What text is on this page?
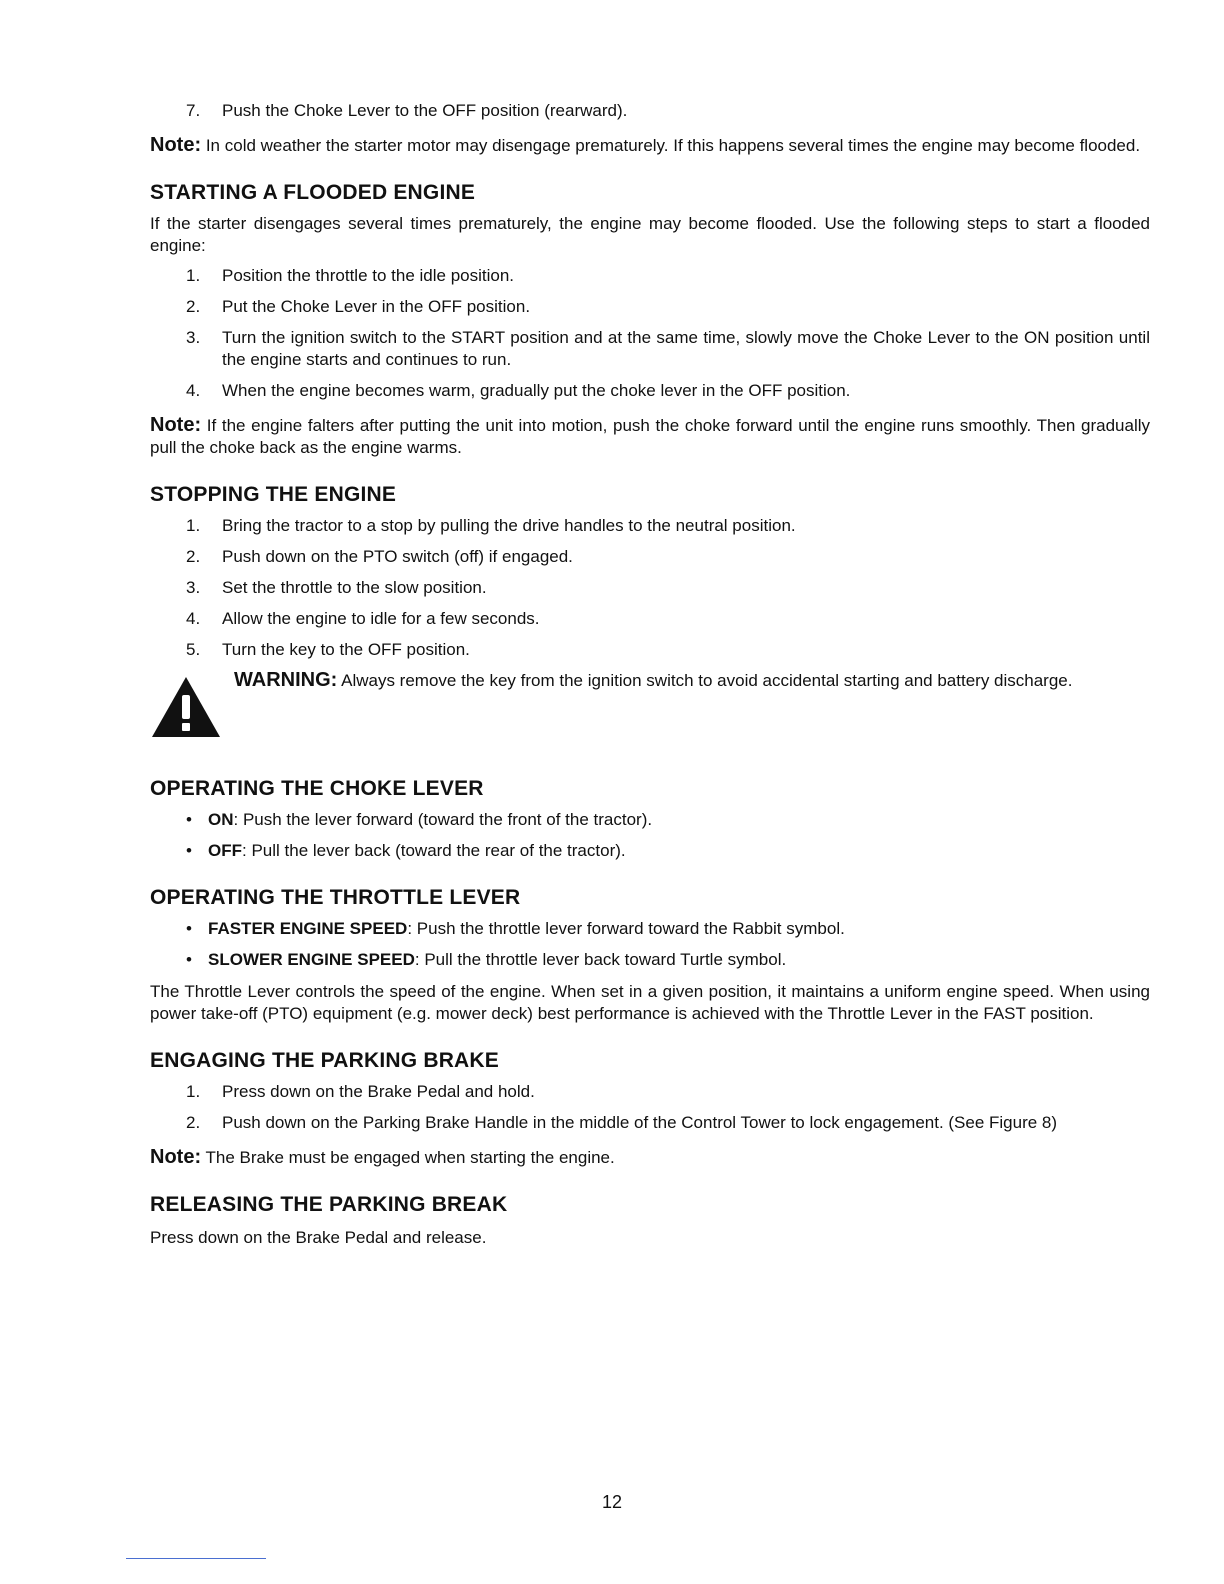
7. Push the Choke Lever to the OFF position (rearward).

Note: In cold weather the starter motor may disengage prematurely. If this happens several times the engine may become flooded.

STARTING A FLOODED ENGINE

If the starter disengages several times prematurely, the engine may become flooded. Use the following steps to start a flooded engine:

1. Position the throttle to the idle position.
2. Put the Choke Lever in the OFF position.
3. Turn the ignition switch to the START position and at the same time, slowly move the Choke Lever to the ON position until the engine starts and continues to run.
4. When the engine becomes warm, gradually put the choke lever in the OFF position.

Note: If the engine falters after putting the unit into motion, push the choke forward until the engine runs smoothly. Then gradually pull the choke back as the engine warms.

STOPPING THE ENGINE
1. Bring the tractor to a stop by pulling the drive handles to the neutral position.
2. Push down on the PTO switch (off) if engaged.
3. Set the throttle to the slow position.
4. Allow the engine to idle for a few seconds.
5. Turn the key to the OFF position.

WARNING: Always remove the key from the ignition switch to avoid accidental starting and battery discharge.

OPERATING THE CHOKE LEVER
• ON: Push the lever forward (toward the front of the tractor).
• OFF: Pull the lever back (toward the rear of the tractor).
OPERATING THE THROTTLE LEVER
• FASTER ENGINE SPEED: Push the throttle lever forward toward the Rabbit symbol.
• SLOWER ENGINE SPEED: Pull the throttle lever back toward Turtle symbol.

The Throttle Lever controls the speed of the engine. When set in a given position, it maintains a uniform engine speed. When using power take-off (PTO) equipment (e.g. mower deck) best performance is achieved with the Throttle Lever in the FAST position.

ENGAGING THE PARKING BRAKE
1. Press down on the Brake Pedal and hold.
2. Push down on the Parking Brake Handle in the middle of the Control Tower to lock engagement. (See Figure 8)

Note: The Brake must be engaged when starting the engine.

RELEASING THE PARKING BREAK

Press down on the Brake Pedal and release.

12
